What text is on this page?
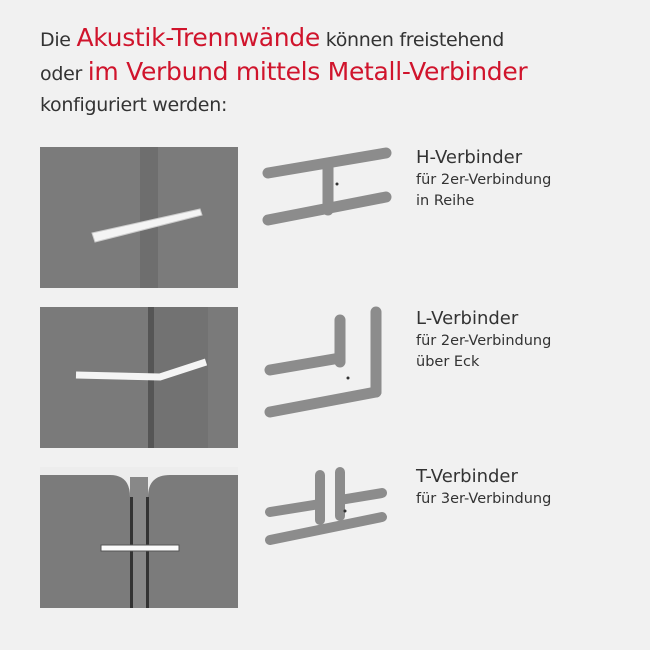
Die Akustik-Trennwände können freistehend
oder im Verbund mittels Metall-Verbinder
konfiguriert werden:
H-Verbinder
für 2er-Verbindung
in Reihe
L-Verbinder
für 2er-Verbindung
über Eck
T-Verbinder
für 3er-Verbindung
